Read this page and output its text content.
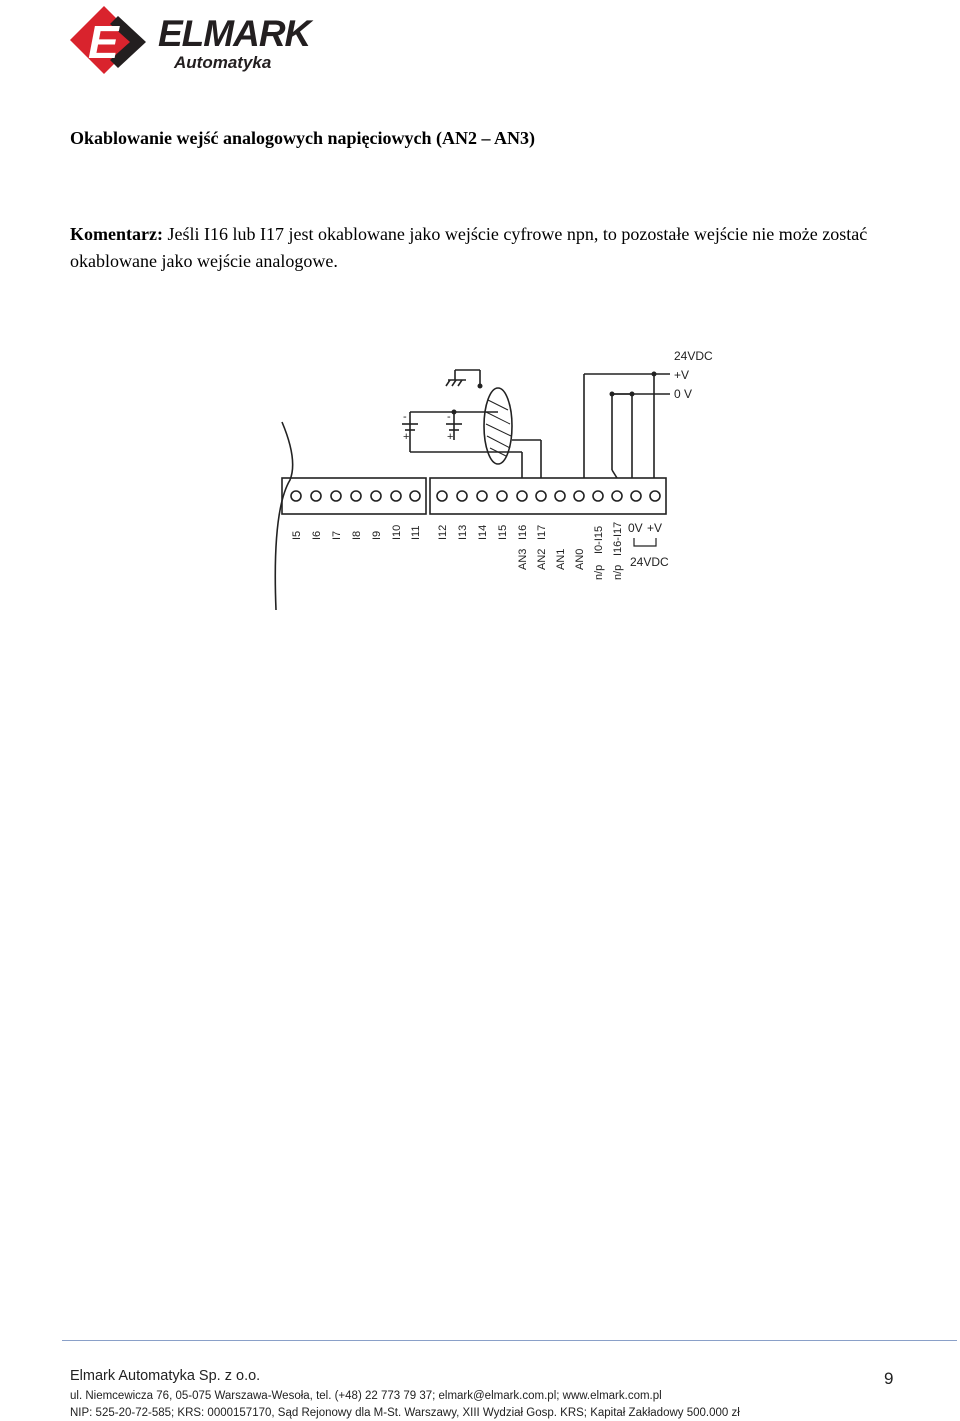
E ELMARK
Automatyka
Okablowanie wejść analogowych napięciowych (AN2 – AN3)
Komentarz: Jeśli I16 lub I17 jest okablowane jako wejście cyfrowe npn, to pozostałe wejście nie może zostać okablowane jako wejście analogowe.
-
+
-
+
24VDC
+V
0 V
I5 I6 I7 I8 I9 I10 I11 I12 I13 I14 I15 I16 I17
AN3 AN2 AN1 AN0
I0-I15
n/p
I16-I17
n/p
0V +V
24VDC
Elmark Automatyka Sp. z o.o.
ul. Niemcewicza 76, 05-075 Warszawa-Wesoła, tel. (+48) 22 773 79 37; elmark@elmark.com.pl; www.elmark.com.pl
NIP: 525-20-72-585; KRS: 0000157170, Sąd Rejonowy dla M-St. Warszawy, XIII Wydział Gosp. KRS; Kapitał Zakładowy 500.000 zł
9
